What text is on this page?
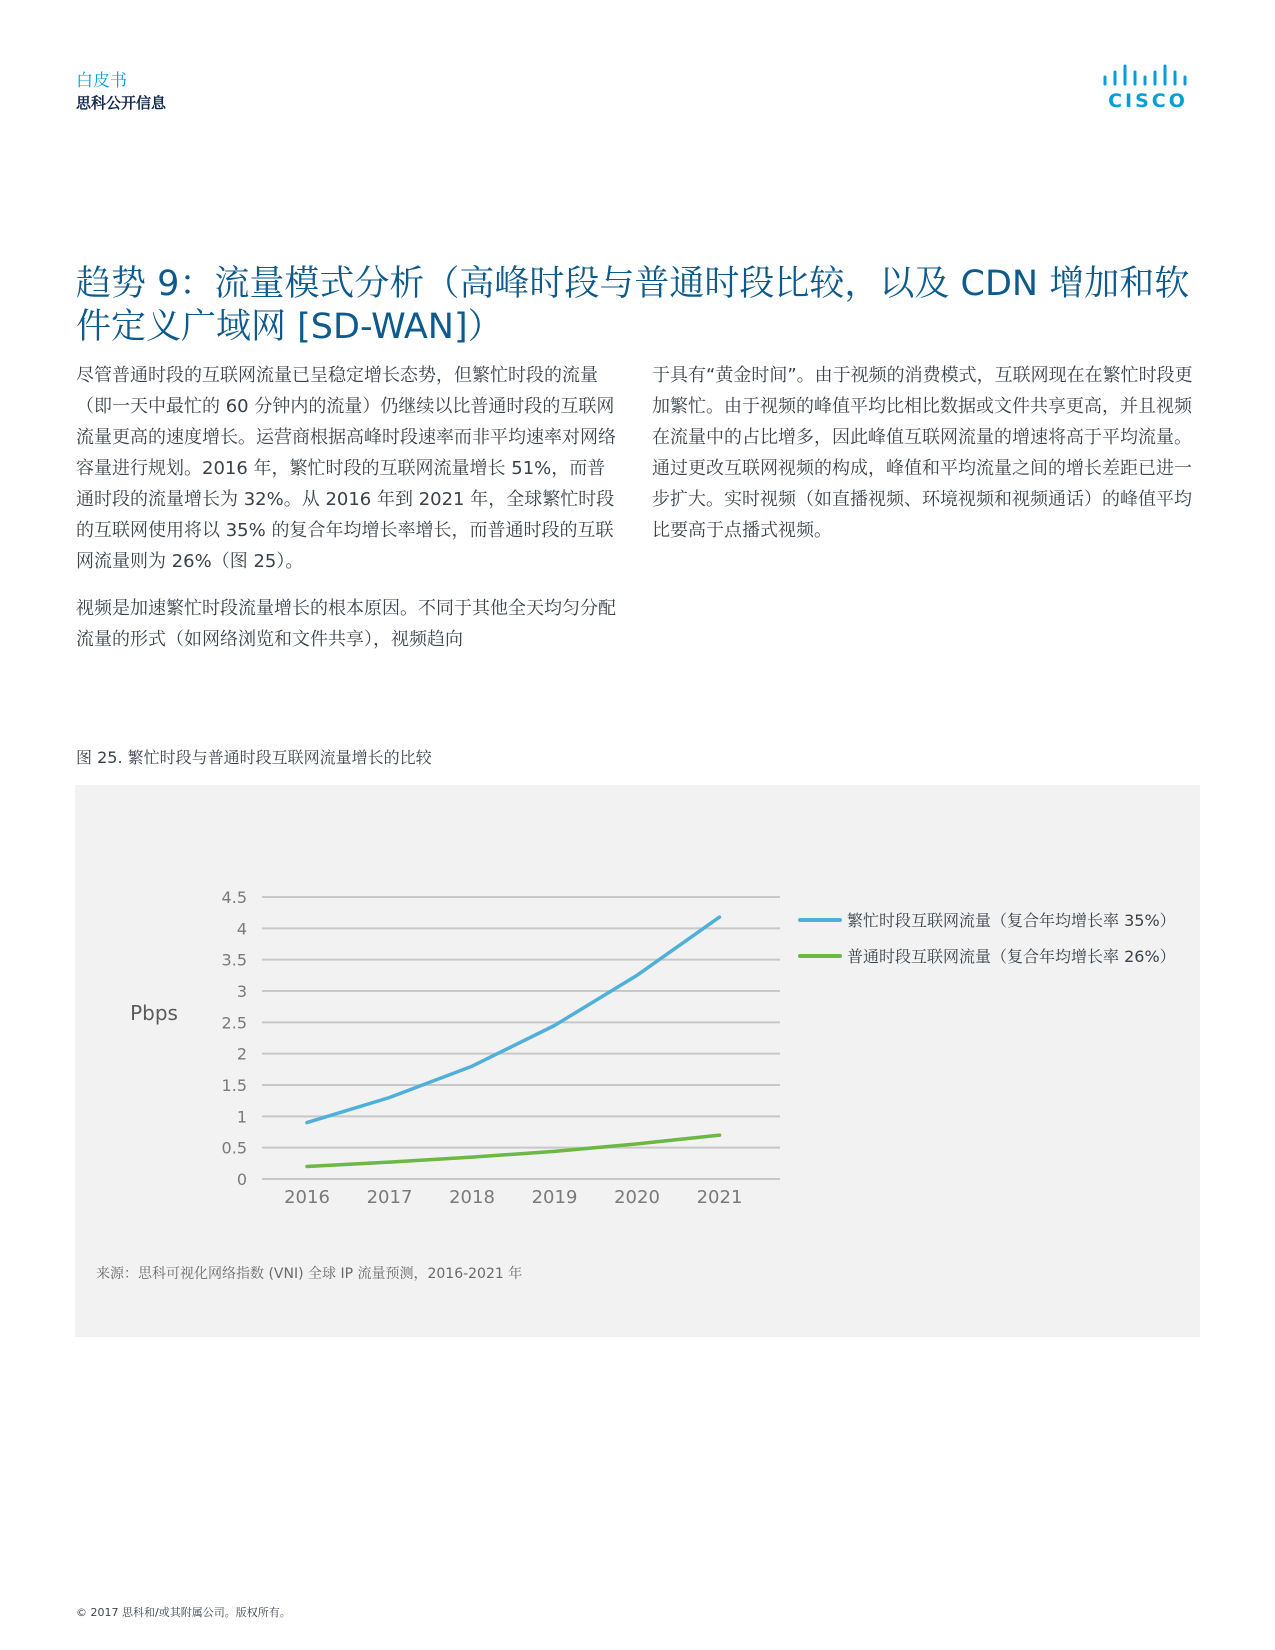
白皮书
思科公开信息	CISCO
趋势 9：流量模式分析（高峰时段与普通时段比较，以及 CDN 增加和软件定义广域网 [SD-WAN]）

尽管普通时段的互联网流量已呈稳定增长态势，但繁忙时段的流量（即一天中最忙的 60 分钟内的流量）仍继续以比普通时段的互联网流量更高的速度增长。运营商根据高峰时段速率而非平均速率对网络容量进行规划。2016 年，繁忙时段的互联网流量增长 51%，而普通时段的流量增长为 32%。从 2016 年到 2021 年，全球繁忙时段的互联网使用将以 35% 的复合年均增长率增长，而普通时段的互联网流量则为 26%（图 25）。

视频是加速繁忙时段流量增长的根本原因。不同于其他全天均匀分配流量的形式（如网络浏览和文件共享），视频趋向

于具有“黄金时间”。由于视频的消费模式，互联网现在在繁忙时段更加繁忙。由于视频的峰值平均比相比数据或文件共享更高，并且视频在流量中的占比增多，因此峰值互联网流量的增速将高于平均流量。通过更改互联网视频的构成，峰值和平均流量之间的增长差距已进一步扩大。实时视频（如直播视频、环境视频和视频通话）的峰值平均比要高于点播式视频。

图 25. 繁忙时段与普通时段互联网流量增长的比较
0
0.5
1
1.5
2
2.5
3
3.5
4
4.5
2016 2017 2018 2019 2020 2021
Pbps
繁忙时段互联网流量（复合年均增长率 35%）
普通时段互联网流量（复合年均增长率 26%）
来源：思科可视化网络指数 (VNI) 全球 IP 流量预测，2016-2021 年
© 2017 思科和/或其附属公司。版权所有。
